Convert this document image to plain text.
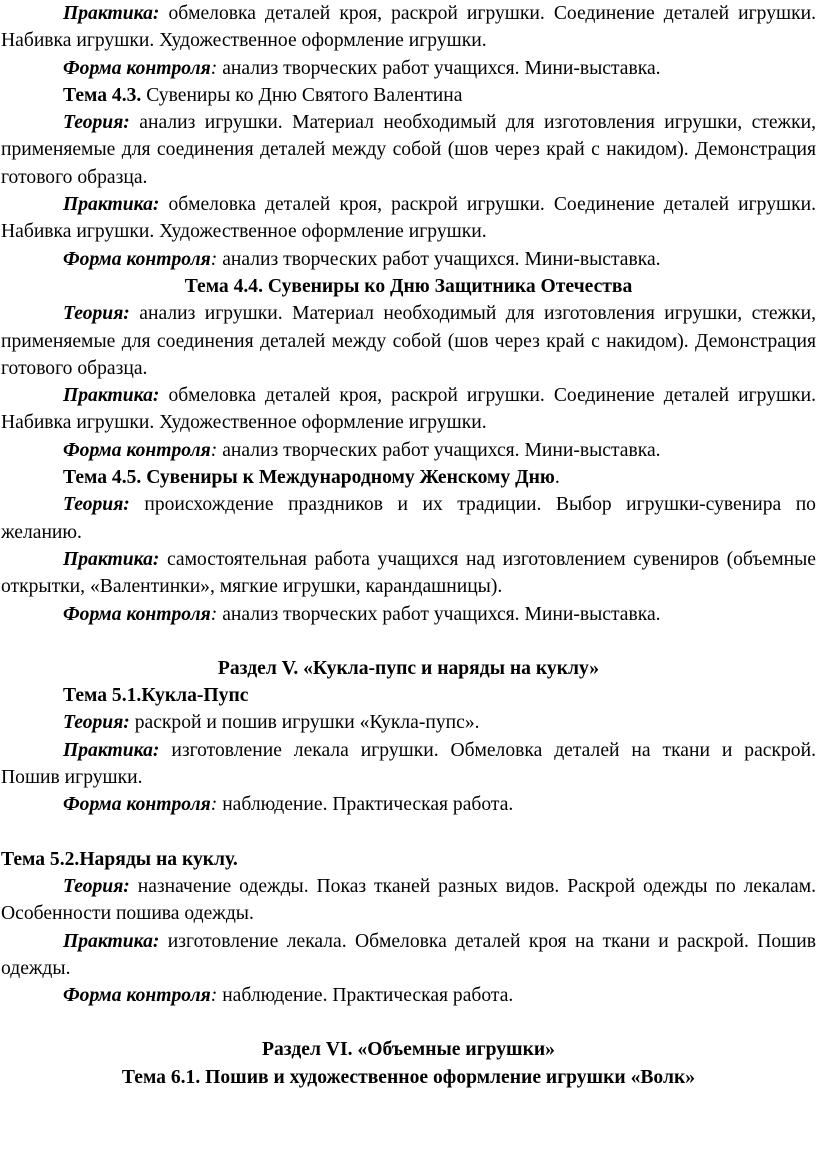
Практика: обмеловка деталей кроя, раскрой игрушки. Соединение деталей игрушки. Набивка игрушки. Художественное оформление игрушки.

Форма контроля: анализ творческих работ учащихся. Мини-выставка.

Тема 4.3. Сувениры ко Дню Святого Валентина

Теория: анализ игрушки. Материал необходимый для изготовления игрушки, стежки, применяемые для соединения деталей между собой (шов через край с накидом). Демонстрация готового образца.

Практика: обмеловка деталей кроя, раскрой игрушки. Соединение деталей игрушки. Набивка игрушки. Художественное оформление игрушки.

Форма контроля: анализ творческих работ учащихся. Мини-выставка.

Тема 4.4. Сувениры ко Дню Защитника Отечества

Теория: анализ игрушки. Материал необходимый для изготовления игрушки, стежки, применяемые для соединения деталей между собой (шов через край с накидом). Демонстрация готового образца.

Практика: обмеловка деталей кроя, раскрой игрушки. Соединение деталей игрушки. Набивка игрушки. Художественное оформление игрушки.

Форма контроля: анализ творческих работ учащихся. Мини-выставка.

Тема 4.5. Сувениры к Международному Женскому Дню.

Теория: происхождение праздников и их традиции. Выбор игрушки-сувенира по желанию.

Практика: самостоятельная работа учащихся над изготовлением сувениров (объемные открытки, «Валентинки», мягкие игрушки, карандашницы).

Форма контроля: анализ творческих работ учащихся. Мини-выставка.

Раздел V. «Кукла-пупс и наряды на куклу»

Тема 5.1.Кукла-Пупс

Теория: раскрой и пошив игрушки «Кукла-пупс».

Практика: изготовление лекала игрушки. Обмеловка деталей на ткани и раскрой. Пошив игрушки.

Форма контроля: наблюдение. Практическая работа.

Тема 5.2.Наряды на куклу.

Теория: назначение одежды. Показ тканей разных видов. Раскрой одежды по лекалам. Особенности пошива одежды.

Практика: изготовление лекала. Обмеловка деталей кроя на ткани и раскрой. Пошив одежды.

Форма контроля: наблюдение. Практическая работа.

Раздел VI. «Объемные игрушки»

Тема 6.1. Пошив и художественное оформление игрушки «Волк»
